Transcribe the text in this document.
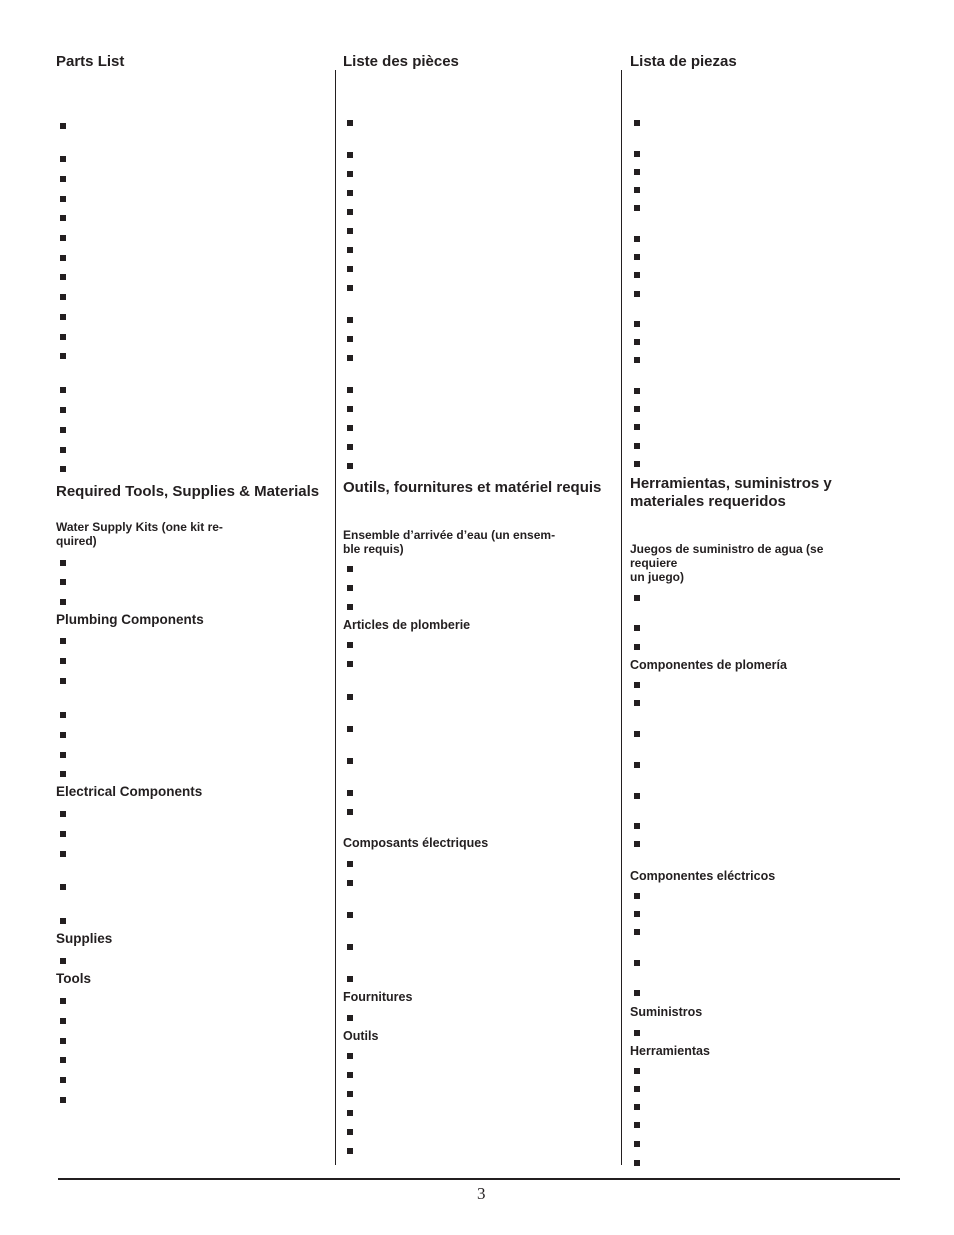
Parts List
Required Tools, Supplies & Materials
Water Supply Kits (one kit re-
quired)
Plumbing Components
Electrical Components
Supplies
Tools
Liste des pièces
Outils, fournitures et matériel requis
Ensemble d’arrivée d’eau (un ensem-
ble requis)
Articles de plomberie
Composants électriques
Fournitures
Outils
Lista de piezas
Herramientas, suministros y
materiales requeridos
Juegos de suministro de agua (se
requiere
un juego)
Componentes de plomería
Componentes eléctricos
Suministros
Herramientas
3
